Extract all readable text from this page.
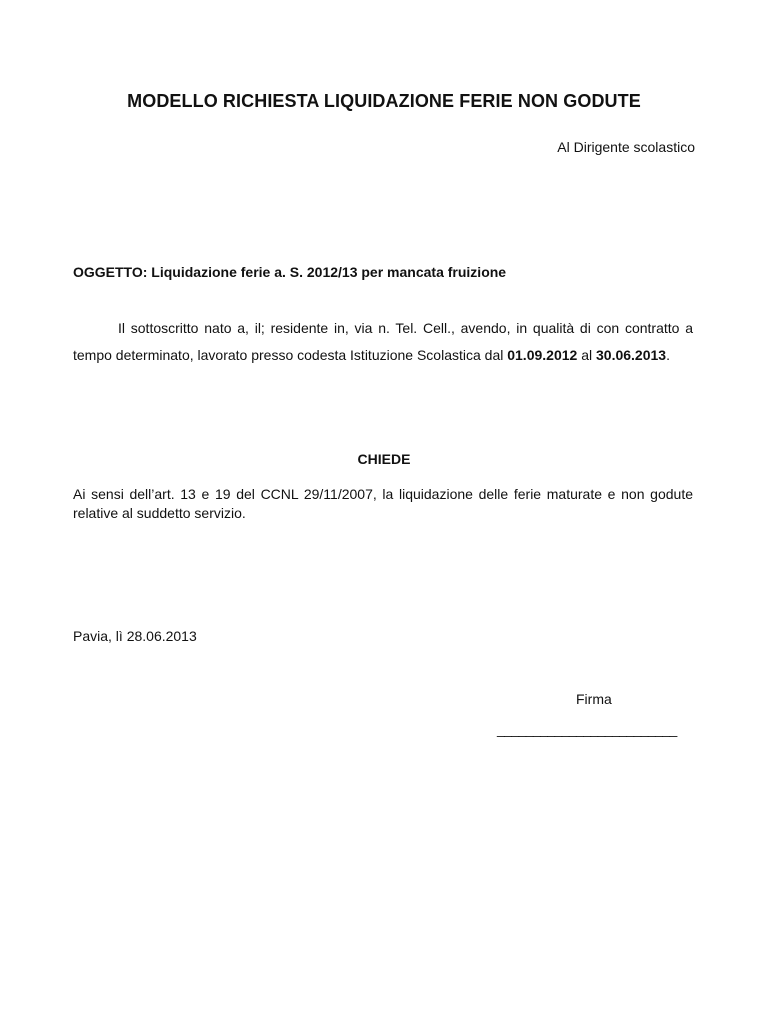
MODELLO RICHIESTA LIQUIDAZIONE FERIE NON GODUTE
Al Dirigente scolastico
OGGETTO: Liquidazione ferie a. S. 2012/13 per mancata fruizione
Il sottoscritto nato a, il; residente in, via n. Tel. Cell., avendo, in qualità di con contratto a tempo determinato, lavorato presso codesta Istituzione Scolastica dal 01.09.2012 al 30.06.2013.
CHIEDE
Ai sensi dell’art. 13 e 19 del CCNL 29/11/2007, la liquidazione delle ferie maturate e non godute relative al suddetto servizio.
Pavia, lì 28.06.2013
Firma
_________________________
